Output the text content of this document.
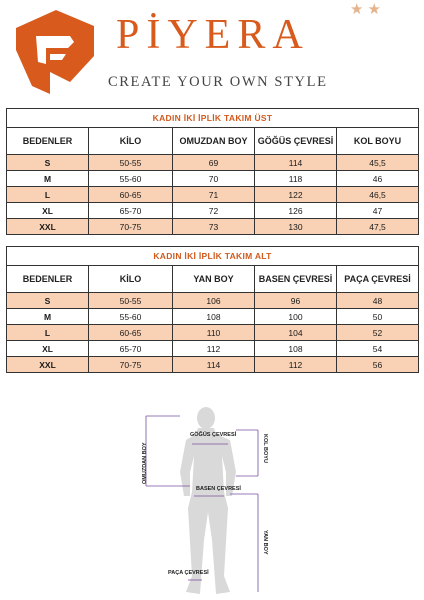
★★
PİYERA
CREATE YOUR OWN STYLE
KADIN İKİ İPLİK TAKIM ÜST				
BEDENLER	KİLO	OMUZDAN BOY	GÖĞÜS ÇEVRESİ	KOL BOYU
S	50-55	69	114	45,5
M	55-60	70	118	46
L	60-65	71	122	46,5
XL	65-70	72	126	47
XXL	70-75	73	130	47,5
KADIN İKİ İPLİK TAKIM ALT				
BEDENLER	KİLO	YAN BOY	BASEN ÇEVRESİ	PAÇA ÇEVRESİ
S	50-55	106	96	48
M	55-60	108	100	50
L	60-65	110	104	52
XL	65-70	112	108	54
XXL	70-75	114	112	56
GÖĞÜS ÇEVRESİ
OMUZDAN BOY	KOL BOYU
BASEN ÇEVRESİ
YAN BOY
PAÇA ÇEVRESİ
